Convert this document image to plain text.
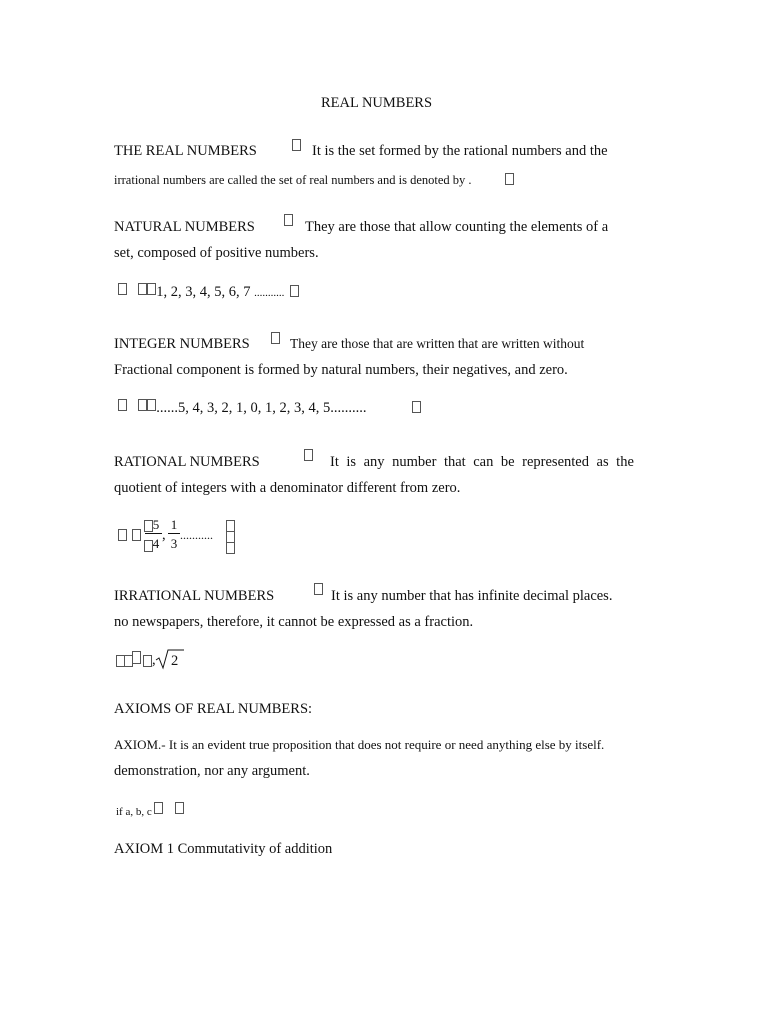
REAL NUMBERS
THE REAL NUMBERS	It is the set formed by the rational numbers and the
irrational numbers are called the set of real numbers and is denoted by .
NATURAL NUMBERS	They are those that allow counting the elements of a
set, composed of positive numbers.
1, 2, 3, 4, 5, 6, 7 ...........
INTEGER NUMBERS	They are those that are written that are written without
Fractional component is formed by natural numbers, their negatives, and zero.
......5, 4, 3, 2, 1, 0, 1, 2, 3, 4, 5..........
RATIONAL NUMBERS	It is any number that can be represented as the
quotient of integers with a denominator different from zero.
5
4
,
1
3
...........
IRRATIONAL NUMBERS	It is any number that has infinite decimal places.
no newspapers, therefore, it cannot be expressed as a fraction.
, 2
AXIOMS OF REAL NUMBERS:
AXIOM.- It is an evident true proposition that does not require or need anything else by itself.
demonstration, nor any argument.
if a, b, c
AXIOM 1 Commutativity of addition
